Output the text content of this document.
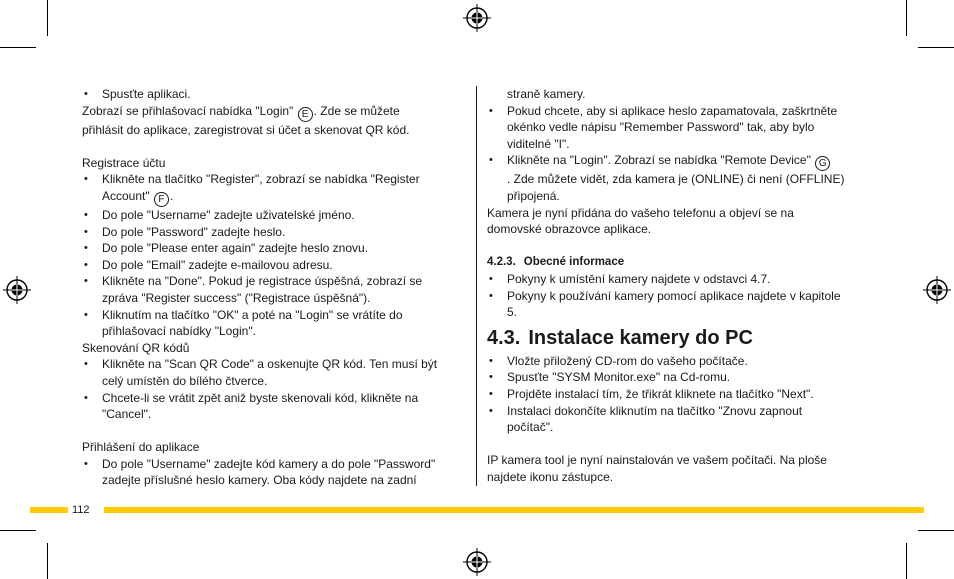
• Spusťte aplikaci.

Zobrazí se přihlašovací nabídka "Login" E . Zde se můžete

přihlásit do aplikace, zaregistrovat si účet a skenovat QR kód.

Registrace účtu

• Klikněte na tlačítko "Register", zobrazí se nabídka "Register

Account" F .

• Do pole "Username" zadejte uživatelské jméno.

• Do pole "Password" zadejte heslo.

• Do pole "Please enter again" zadejte heslo znovu.

• Do pole "Email" zadejte e-mailovou adresu.

• Klikněte na "Done". Pokud je registrace úspěšná, zobrazí se

zpráva "Register success" ("Registrace úspěšná").

• Kliknutím na tlačítko "OK" a poté na "Login" se vrátíte do

přihlašovací nabídky "Login".

Skenování QR kódů

• Klikněte na "Scan QR Code" a oskenujte QR kód. Ten musí být

celý umístěn do bílého čtverce.

• Chcete-li se vrátit zpět aniž byste skenovali kód, klikněte na

"Cancel".

Přihlášení do aplikace

• Do pole "Username" zadejte kód kamery a do pole "Password"

zadejte příslušné heslo kamery. Oba kódy najdete na zadní

straně kamery.

• Pokud chcete, aby si aplikace heslo zapamatovala, zaškrtněte

okénko vedle nápisu "Remember Password" tak, aby bylo

viditelné "I".

• Klikněte na "Login". Zobrazí se nabídka "Remote Device" G

. Zde můžete vidět, zda kamera je (ONLINE) či není (OFFLINE)

připojená.

Kamera je nyní přidána do vašeho telefonu a objeví se na

domovské obrazovce aplikace.

4.2.3. Obecné informace

• Pokyny k umístění kamery najdete v odstavci 4.7.

• Pokyny k používání kamery pomocí aplikace najdete v kapitole

5.

4.3. Instalace kamery do PC

• Vložte přiložený CD-rom do vašeho počítače.

• Spusťte "SYSM Monitor.exe" na Cd-romu.

• Projděte instalací tím, že třikrát kliknete na tlačítko "Next".

• Instalaci dokončíte kliknutím na tlačítko "Znovu zapnout

počítač".

IP kamera tool je nyní nainstalován ve vašem počítači. Na ploše

najdete ikonu zástupce.

112
